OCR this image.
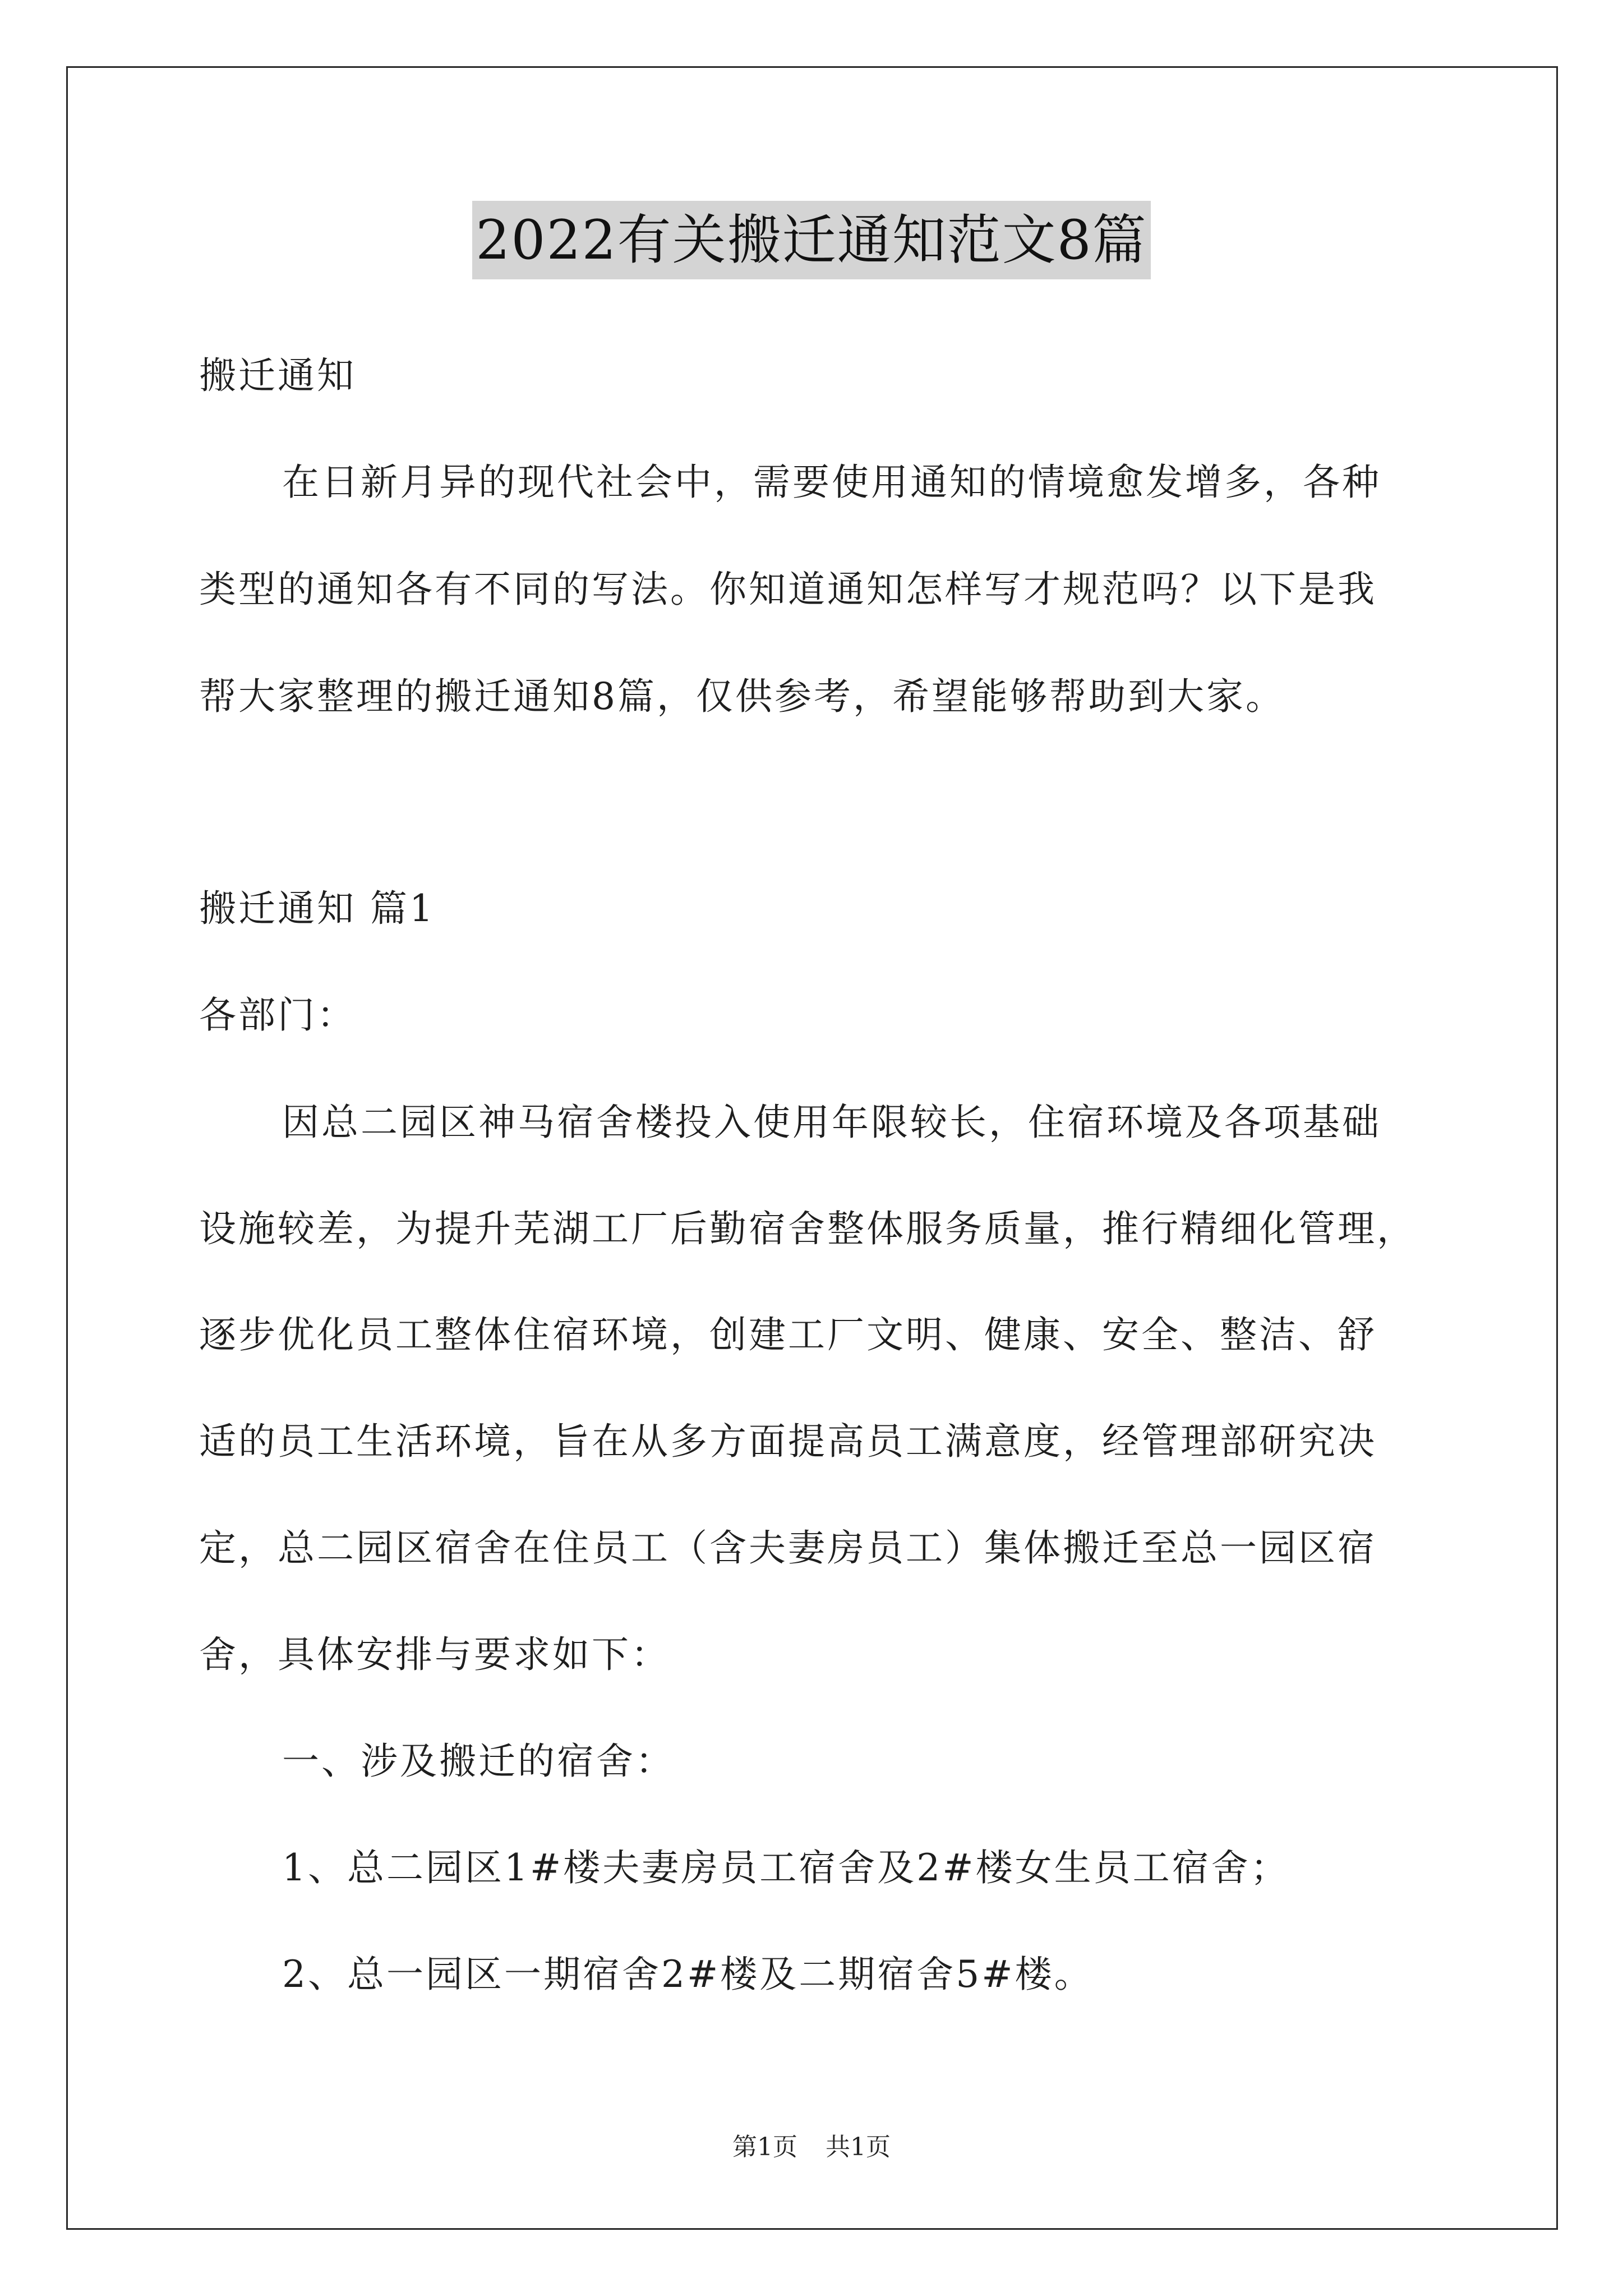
2022有关搬迁通知范文8篇
搬迁通知
在日新月异的现代社会中，需要使用通知的情境愈发增多，各种
类型的通知各有不同的写法。你知道通知怎样写才规范吗？以下是我
帮大家整理的搬迁通知8篇，仅供参考，希望能够帮助到大家。
搬迁通知 篇1
各部门：
因总二园区神马宿舍楼投入使用年限较长，住宿环境及各项基础
设施较差，为提升芜湖工厂后勤宿舍整体服务质量，推行精细化管理，
逐步优化员工整体住宿环境，创建工厂文明、健康、安全、整洁、舒
适的员工生活环境，旨在从多方面提高员工满意度，经管理部研究决
定，总二园区宿舍在住员工（含夫妻房员工）集体搬迁至总一园区宿
舍，具体安排与要求如下：
一、涉及搬迁的宿舍：
1、总二园区1#楼夫妻房员工宿舍及2#楼女生员工宿舍；
2、总一园区一期宿舍2#楼及二期宿舍5#楼。
第1页 共1页
